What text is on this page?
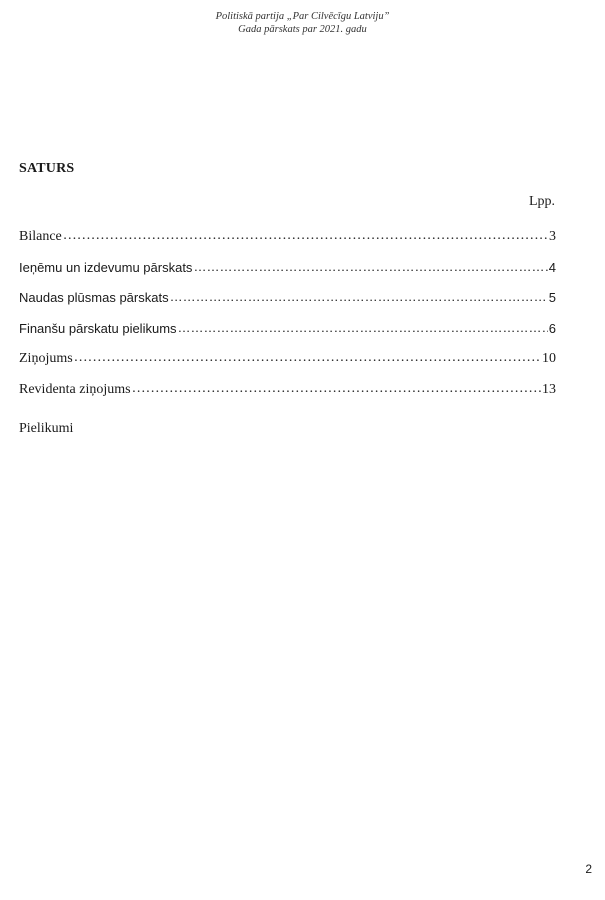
Politiskā partija „Par Cilvēcīgu Latviju”
Gada pārskats par 2021. gadu
SATURS
Lpp.
Bilance ……………………………………………………………………………………………………………………………………………………………………	3
Ieņēmu un izdevumu pārskats ……………………………………………………………………………………………………………………………………………………………………	4
Naudas plūsmas pārskats ……………………………………………………………………………………………………………………………………………………………………	5
Finanšu pārskatu pielikums ……………………………………………………………………………………………………………………………………………………………………	6
Ziņojums ……………………………………………………………………………………………………………………………………………………………………	10
Revidenta ziņojums ……………………………………………………………………………………………………………………………………………………………………	13
Pielikumi
2
